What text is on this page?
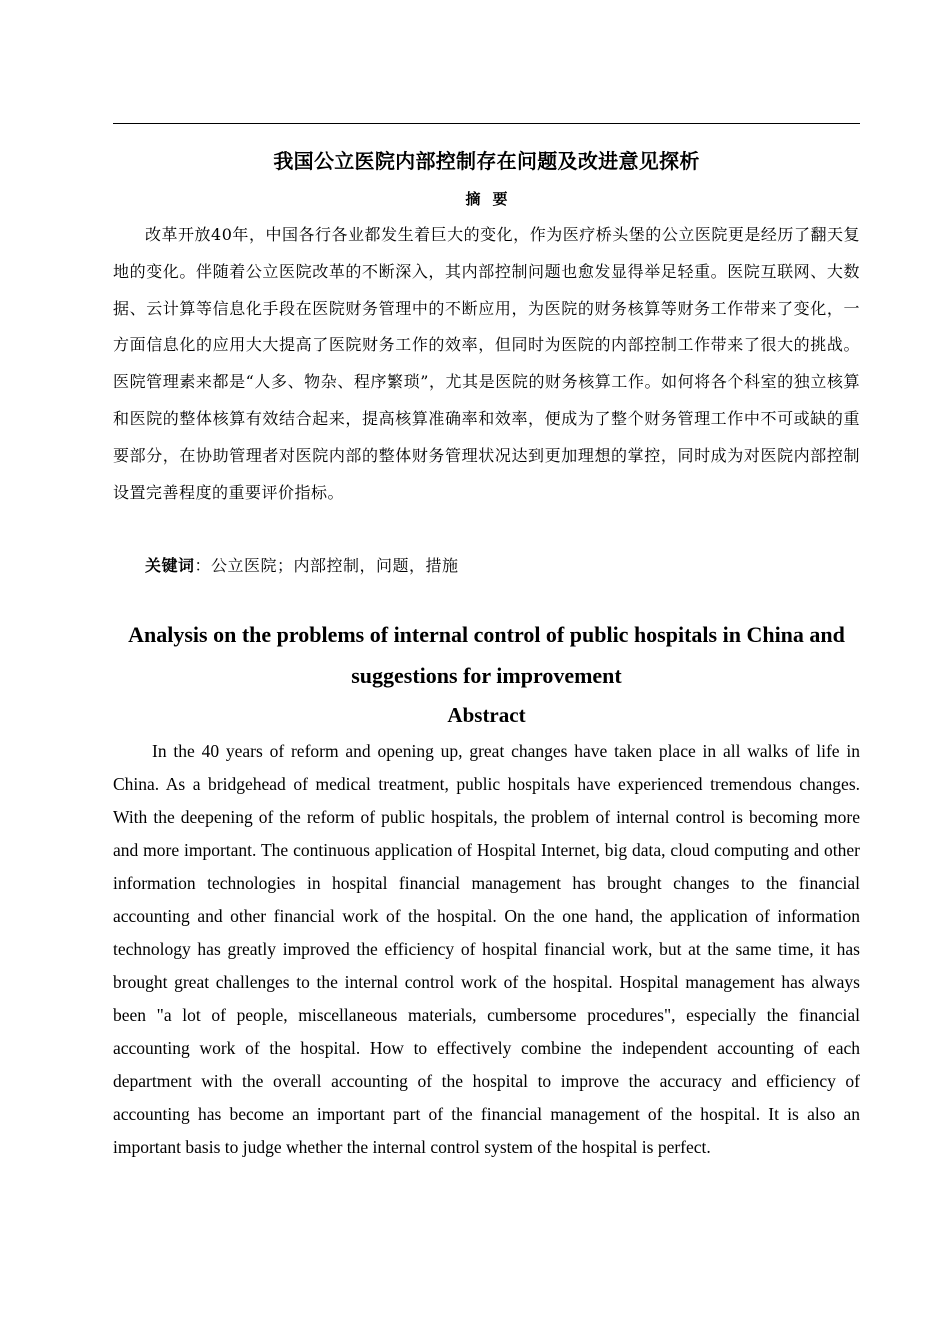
我国公立医院内部控制存在问题及改进意见探析
摘要
改革开放40年，中国各行各业都发生着巨大的变化，作为医疗桥头堡的公立医院更是经历了翻天复地的变化。伴随着公立医院改革的不断深入，其内部控制问题也愈发显得举足轻重。医院互联网、大数据、云计算等信息化手段在医院财务管理中的不断应用，为医院的财务核算等财务工作带来了变化，一方面信息化的应用大大提高了医院财务工作的效率，但同时为医院的内部控制工作带来了很大的挑战。医院管理素来都是“人多、物杂、程序繁琐”，尤其是医院的财务核算工作。如何将各个科室的独立核算和医院的整体核算有效结合起来，提高核算准确率和效率，便成为了整个财务管理工作中不可或缺的重要部分，在协助管理者对医院内部的整体财务管理状况达到更加理想的掌控，同时成为对医院内部控制设置完善程度的重要评价指标。
关键词：公立医院；内部控制，问题，措施
Analysis on the problems of internal control of public hospitals in China and suggestions for improvement
Abstract
In the 40 years of reform and opening up, great changes have taken place in all walks of life in China. As a bridgehead of medical treatment, public hospitals have experienced tremendous changes. With the deepening of the reform of public hospitals, the problem of internal control is becoming more and more important. The continuous application of Hospital Internet, big data, cloud computing and other information technologies in hospital financial management has brought changes to the financial accounting and other financial work of the hospital. On the one hand, the application of information technology has greatly improved the efficiency of hospital financial work, but at the same time, it has brought great challenges to the internal control work of the hospital. Hospital management has always been "a lot of people, miscellaneous materials, cumbersome procedures", especially the financial accounting work of the hospital. How to effectively combine the independent accounting of each department with the overall accounting of the hospital to improve the accuracy and efficiency of accounting has become an important part of the financial management of the hospital. It is also an important basis to judge whether the internal control system of the hospital is perfect.
